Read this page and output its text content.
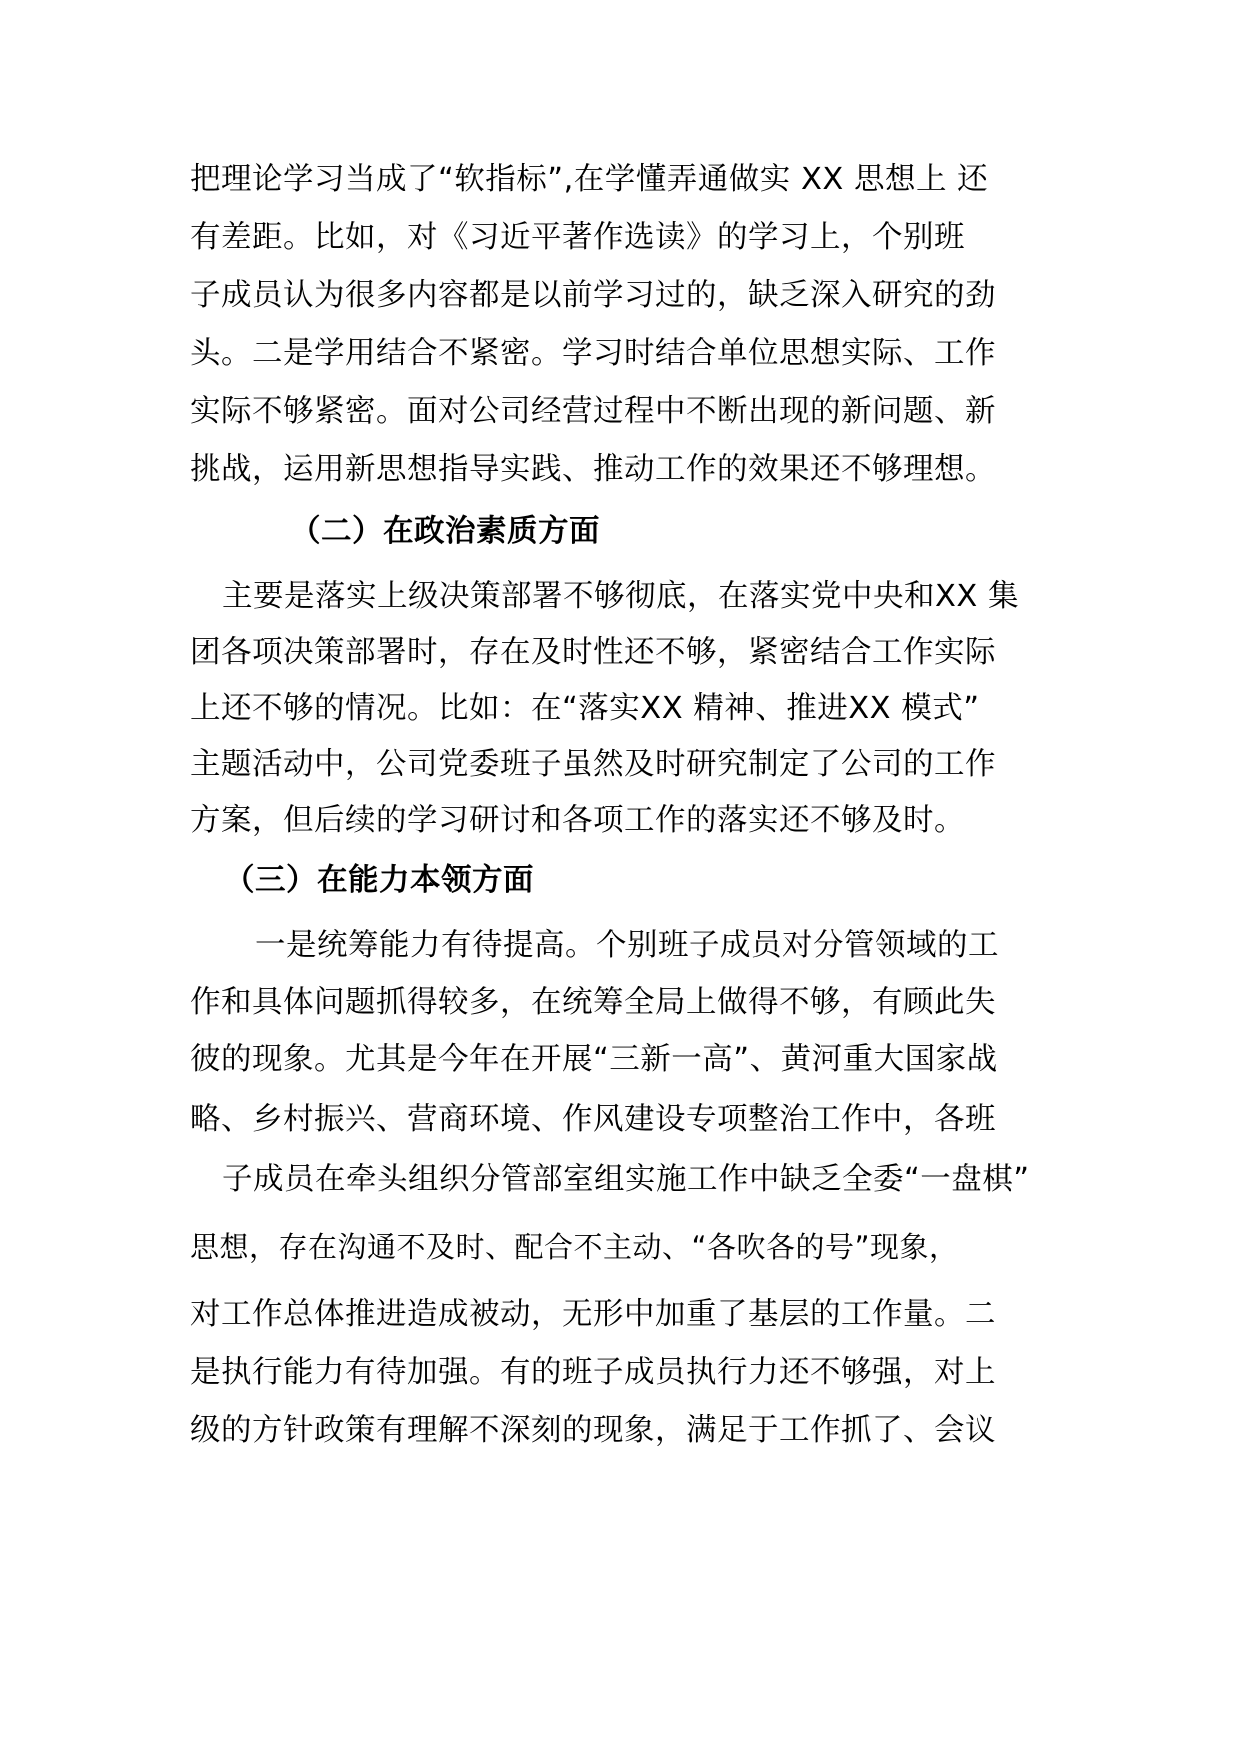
把理论学习当成了“软指标”,在学懂弄通做实 XX 思想上 还
有差距。比如，对《习近平著作选读》的学习上，个别班
子成员认为很多内容都是以前学习过的，缺乏深入研究的劲
头。二是学用结合不紧密。学习时结合单位思想实际、工作
实际不够紧密。面对公司经营过程中不断出现的新问题、新
挑战，运用新思想指导实践、推动工作的效果还不够理想。
（二）在政治素质方面
主要是落实上级决策部署不够彻底，在落实党中央和XX 集
团各项决策部署时，存在及时性还不够，紧密结合工作实际
上还不够的情况。比如：在“落实XX 精神、推进XX 模式”
主题活动中，公司党委班子虽然及时研究制定了公司的工作
方案，但后续的学习研讨和各项工作的落实还不够及时。
（三）在能力本领方面
一是统筹能力有待提高。个别班子成员对分管领域的工
作和具体问题抓得较多，在统筹全局上做得不够，有顾此失
彼的现象。尤其是今年在开展“三新一高”、黄河重大国家战
略、乡村振兴、营商环境、作风建设专项整治工作中，各班
子成员在牵头组织分管部室组实施工作中缺乏全委“一盘棋”
思想，存在沟通不及时、配合不主动、“各吹各的号”现象，
对工作总体推进造成被动，无形中加重了基层的工作量。二
是执行能力有待加强。有的班子成员执行力还不够强，对上
级的方针政策有理解不深刻的现象，满足于工作抓了、会议
